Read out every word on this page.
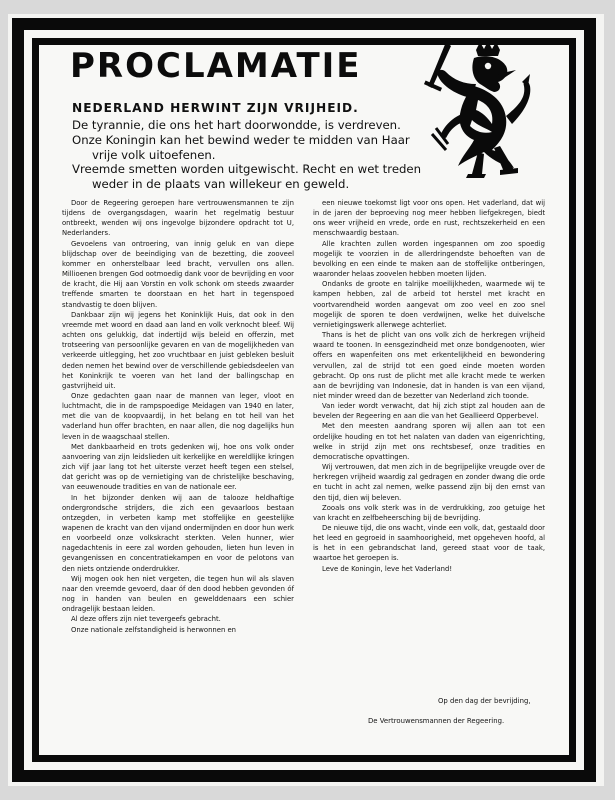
PROCLAMATIE
NEDERLAND HERWINT ZIJN VRIJHEID.

De tyrannie, die ons het hart doorwondde, is verdreven.

Onze Koningin kan het bewind weder te midden van Haar

vrije volk uitoefenen.

Vreemde smetten worden uitgewischt. Recht en wet treden

weder in de plaats van willekeur en geweld.

Door de Regeering geroepen hare vertrouwensmannen te zijn tijdens de overgangsdagen, waarin het regelmatig bestuur ontbreekt, wenden wij ons ingevolge bijzondere opdracht tot U, Nederlanders.

Gevoelens van ontroering, van innig geluk en van diepe blijdschap over de beeindiging van de bezetting, die zooveel kommer en onherstelbaar leed bracht, vervullen ons allen. Millioenen brengen God ootmoedig dank voor de bevrijding en voor de kracht, die Hij aan Vorstin en volk schonk om steeds zwaarder treffende smarten te doorstaan en het hart in tegenspoed standvastig te doen blijven.

Dankbaar zijn wij jegens het Koninklijk Huis, dat ook in den vreemde met woord en daad aan land en volk verknocht bleef. Wij achten ons gelukkig, dat indertijd wijs beleid en offerzin, met trotseering van persoonlijke gevaren en van de mogelijkheden van verkeerde uitlegging, het zoo vruchtbaar en juist gebleken besluit deden nemen het bewind over de verschillende gebiedsdeelen van het Koninkrijk te voeren van het land der ballingschap en gastvrijheid uit.

Onze gedachten gaan naar de mannen van leger, vloot en luchtmacht, die in de rampspoedige Meidagen van 1940 en later, met die van de koopvaardij, in het belang en tot heil van het vaderland hun offer brachten, en naar allen, die nog dagelijks hun leven in de waagschaal stellen.

Met dankbaarheid en trots gedenken wij, hoe ons volk onder aanvoering van zijn leidslieden uit kerkelijke en wereldlijke kringen zich vijf jaar lang tot het uiterste verzet heeft tegen een stelsel, dat gericht was op de vernietiging van de christelijke beschaving, van eeuwenoude tradities en van de nationale eer.

In het bijzonder denken wij aan de talooze heldhaftige ondergrondsche strijders, die zich een gevaarloos bestaan ontzegden, in verbeten kamp met stoffelijke en geestelijke wapenen de kracht van den vijand ondermijnden en door hun werk en voorbeeld onze volkskracht sterkten. Velen hunner, wier nagedachtenis in eere zal worden gehouden, lieten hun leven in gevangenissen en concentratiekampen en voor de pelotons van den niets ontziende onderdrukker.

Wij mogen ook hen niet vergeten, die tegen hun wil als slaven naar den vreemde gevoerd, daar óf den dood hebben gevonden óf nog in handen van beulen en gewelddenaars een schier ondragelijk bestaan leiden.

Al deze offers zijn niet tevergeefs gebracht.

Onze nationale zelfstandigheid is herwonnen en

een nieuwe toekomst ligt voor ons open. Het vaderland, dat wij in de jaren der beproeving nog meer hebben liefgekregen, biedt ons weer vrijheid en vrede, orde en rust, rechtszekerheid en een menschwaardig bestaan.

Alle krachten zullen worden ingespannen om zoo spoedig mogelijk te voorzien in de allerdringendste behoeften van de bevolking en een einde te maken aan de stoffelijke ontberingen, waaronder helaas zoovelen hebben moeten lijden.

Ondanks de groote en talrijke moeilijkheden, waarmede wij te kampen hebben, zal de arbeid tot herstel met kracht en voortvarendheid worden aangevat om zoo veel en zoo snel mogelijk de sporen te doen verdwijnen, welke het duivelsche vernietigingswerk allerwege achterliet.

Thans is het de plicht van ons volk zich de herkregen vrijheid waard te toonen. In eensgezindheid met onze bondgenooten, wier offers en wapenfeiten ons met erkentelijkheid en bewondering vervullen, zal de strijd tot een goed einde moeten worden gebracht. Op ons rust de plicht met alle kracht mede te werken aan de bevrijding van Indonesie, dat in handen is van een vijand, niet minder wreed dan de bezetter van Nederland zich toonde.

Van ieder wordt verwacht, dat hij zich stipt zal houden aan de bevelen der Regeering en aan die van het Geallieerd Opperbevel.

Met den meesten aandrang sporen wij allen aan tot een ordelijke houding en tot het nalaten van daden van eigenrichting, welke in strijd zijn met ons rechtsbesef, onze tradities en democratische opvattingen.

Wij vertrouwen, dat men zich in de begrijpelijke vreugde over de herkregen vrijheid waardig zal gedragen en zonder dwang die orde en tucht in acht zal nemen, welke passend zijn bij den ernst van den tijd, dien wij beleven.

Zooals ons volk sterk was in de verdrukking, zoo getuige het van kracht en zelfbeheersching bij de bevrijding.

De nieuwe tijd, die ons wacht, vinde een volk, dat, gestaald door het leed en gegroeid in saamhoorigheid, met opgeheven hoofd, al is het in een gebrandschat land, gereed staat voor de taak, waartoe het geroepen is.

Leve de Koningin, leve het Vaderland!

Op den dag der bevrijding,

De Vertrouwensmannen der Regeering.
